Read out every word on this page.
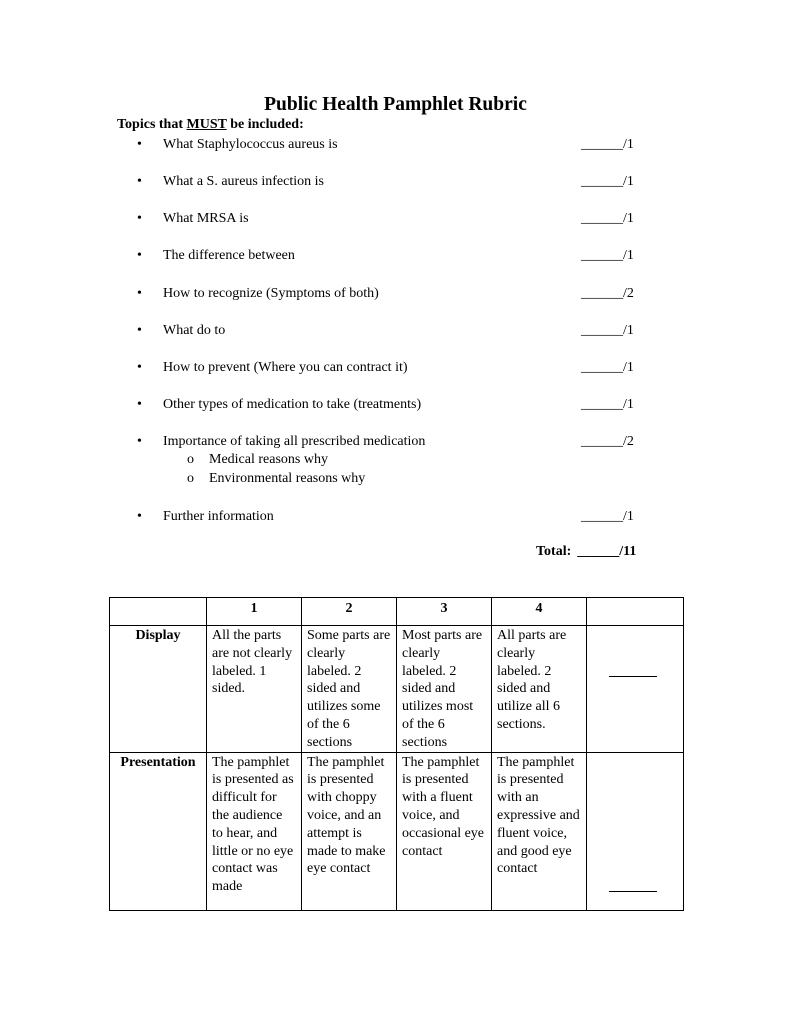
Public Health Pamphlet Rubric
Topics that MUST be included:
• What Staphylococcus aureus is	______/1
• What a S. aureus infection is	______/1
• What MRSA is	______/1
• The difference between	______/1
• How to recognize (Symptoms of both)	______/2
• What do to	______/1
• How to prevent (Where you can contract it)	______/1
• Other types of medication to take (treatments)	______/1
• Importance of taking all prescribed medication	______/2
o Medical reasons why
o Environmental reasons why
• Further information	______/1
Total: ______/11
	1	2	3	4	
Display	All the parts are not clearly labeled. 1 sided.	Some parts are clearly labeled. 2 sided and utilizes some of the 6 sections	Most parts are clearly labeled. 2 sided and utilizes most of the 6 sections	All parts are clearly labeled. 2 sided and utilize all 6 sections.	

Presentation	The pamphlet is presented as difficult for the audience to hear, and little or no eye contact was made	The pamphlet is presented with choppy voice, and an attempt is made to make eye contact	The pamphlet is presented with a fluent voice, and occasional eye contact	The pamphlet is presented with an expressive and fluent voice, and good eye contact	
